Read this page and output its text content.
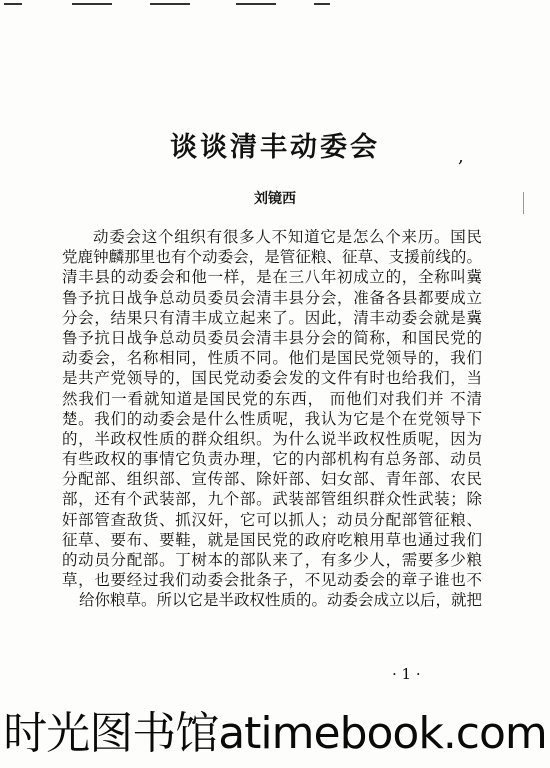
谈谈清丰动委会	,
刘镜西
动委会这个组织有很多人不知道它是怎么个来历。国民
党鹿钟麟那里也有个动委会，是管征粮、征草、支援前线的。
清丰县的动委会和他一样，是在三八年初成立的，全称叫冀
鲁予抗日战争总动员委员会清丰县分会，准备各县都要成立
分会，结果只有清丰成立起来了。因此，清丰动委会就是冀
鲁予抗日战争总动员委员会清丰县分会的简称，和国民党的
动委会，名称相同，性质不同。他们是国民党领导的，我们
是共产党领导的，国民党动委会发的文件有时也给我们，当
然我们一看就知道是国民党的东西， 而他们对我们并 不清
楚。我们的动委会是什么性质呢，我认为它是个在党领导下
的，半政权性质的群众组织。为什么说半政权性质呢，因为
有些政权的事情它负责办理，它的内部机构有总务部、动员
分配部、组织部、宣传部、除奸部、妇女部、青年部、农民
部，还有个武装部，九个部。武装部管组织群众性武装；除
奸部管查敌货、抓汉奸，它可以抓人；动员分配部管征粮、
征草、要布、要鞋，就是国民党的政府吃粮用草也通过我们
的动员分配部。丁树本的部队来了，有多少人，需要多少粮
草，也要经过我们动委会批条子，不见动委会的章子谁也不
给你粮草。所以它是半政权性质的。动委会成立以后，就把
· 1 ·
时光图书馆atimebook.com
